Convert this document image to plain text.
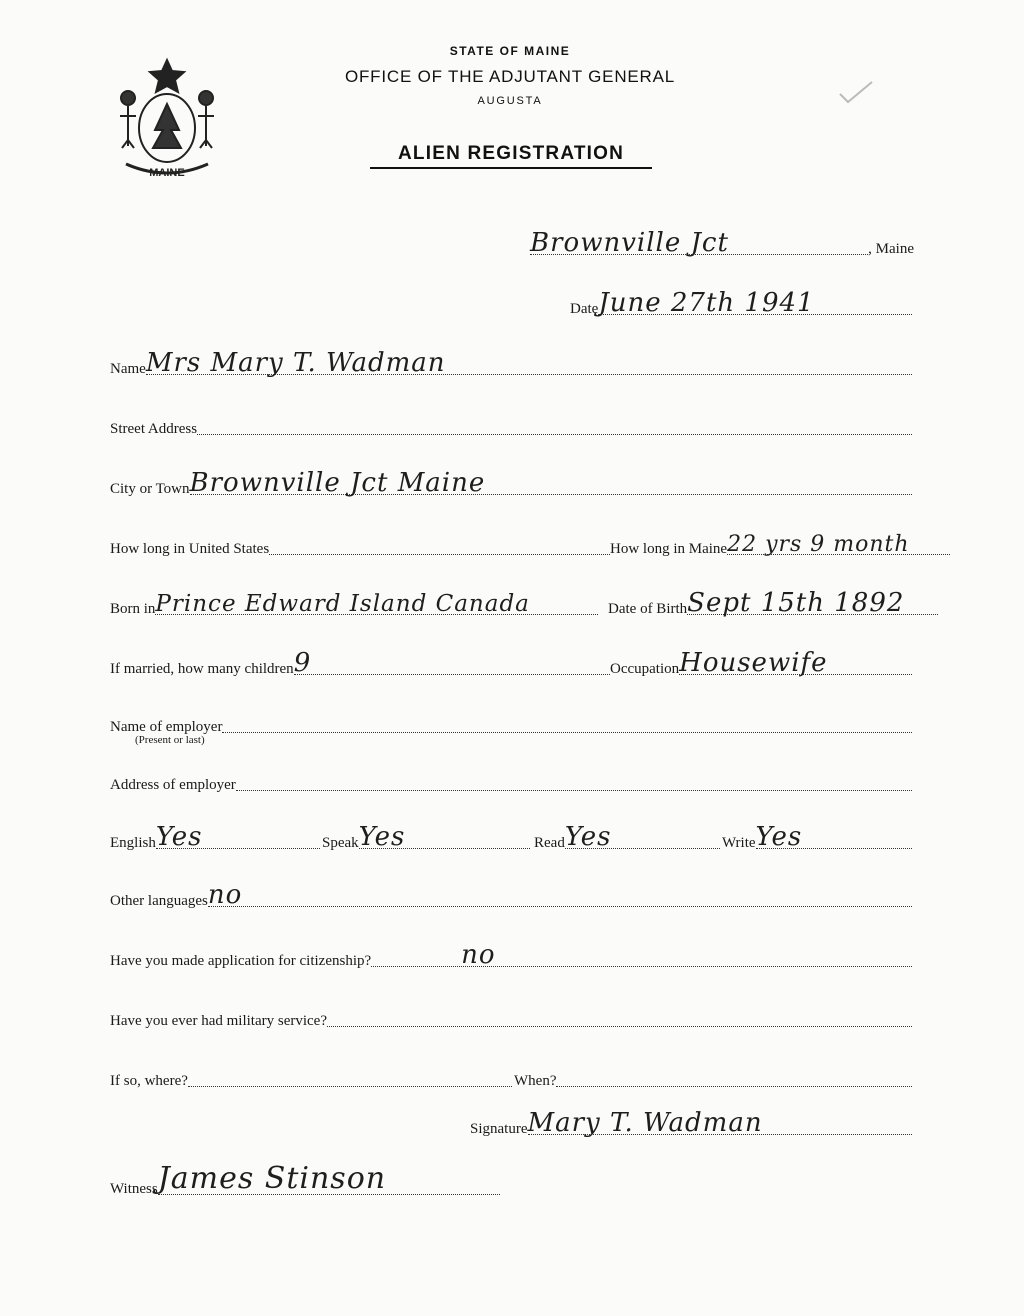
MAINE
STATE OF MAINE
OFFICE OF THE ADJUTANT GENERAL
AUGUSTA
ALIEN REGISTRATION
Brownville Jct	, Maine
Date June 27th 1941
Name Mrs Mary T. Wadman
Street Address
City or Town Brownville Jct Maine
How long in United States	How long in Maine 22 yrs 9 month
Born in Prince Edward Island Canada	Date of Birth Sept 15th 1892
If married, how many children 9	Occupation Housewife
Name of employer
(Present or last)
Address of employer
English Yes	Speak Yes	Read Yes	Write Yes
Other languages no
Have you made application for citizenship?	no
Have you ever had military service?
If so, where?	When?
Signature Mary T. Wadman
Witness James Stinson
